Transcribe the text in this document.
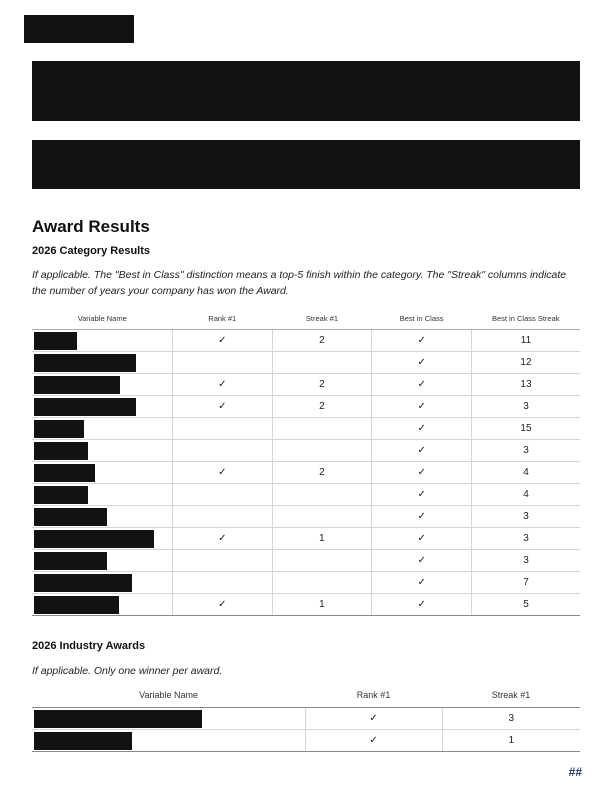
Award Results
2026 Category Results
If applicable. The "Best in Class" distinction means a top-5 finish within the category. The "Streak" columns indicate the number of years your company has won the Award.
Variable Name	Rank #1	Streak #1	Best in Class	Best in Class Streak

	✓	2	✓	11

			✓	12

	✓	2	✓	13

	✓	2	✓	3

			✓	15

			✓	3

	✓	2	✓	4

			✓	4

			✓	3

	✓	1	✓	3

			✓	3

			✓	7

	✓	1	✓	5
2026 Industry Awards
If applicable. Only one winner per award.
Variable Name	Rank #1	Streak #1

	✓	3

	✓	1
##
